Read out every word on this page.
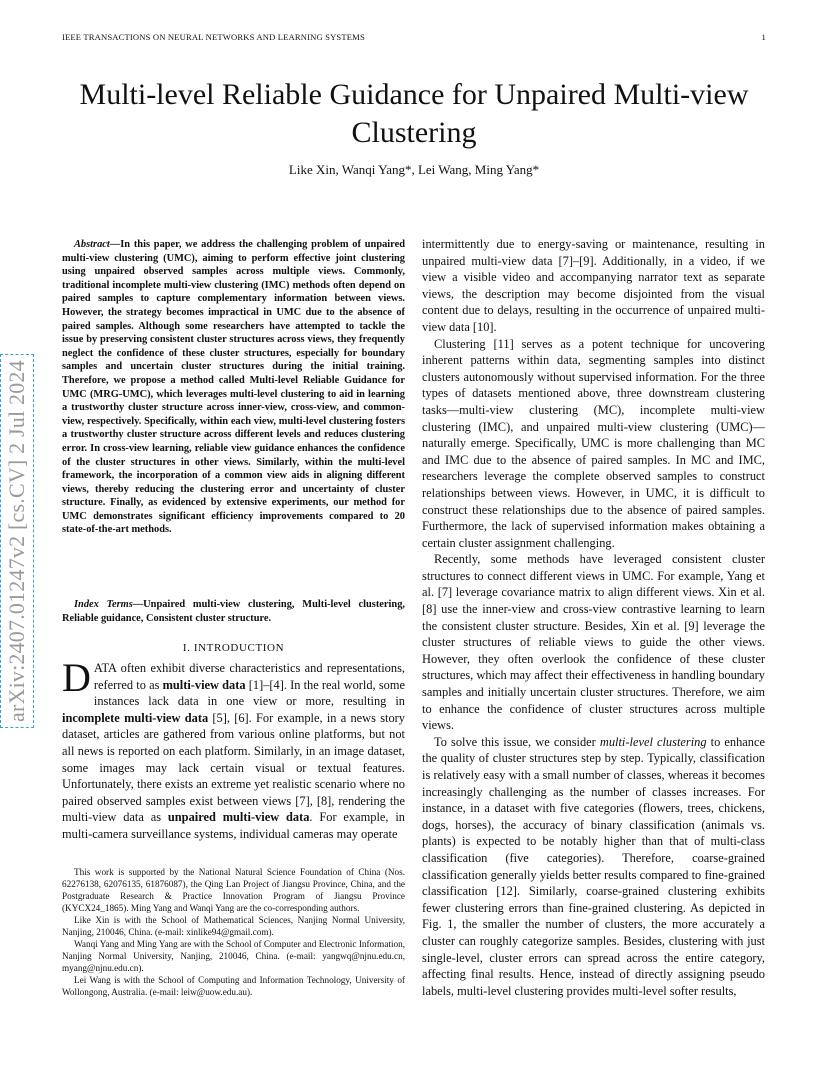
IEEE TRANSACTIONS ON NEURAL NETWORKS AND LEARNING SYSTEMS	1
Multi-level Reliable Guidance for Unpaired Multi-view Clustering
Like Xin, Wanqi Yang*, Lei Wang, Ming Yang*
arXiv:2407.01247v2 [cs.CV] 2 Jul 2024
Abstract—In this paper, we address the challenging problem of unpaired multi-view clustering (UMC), aiming to perform effective joint clustering using unpaired observed samples across multiple views. Commonly, traditional incomplete multi-view clustering (IMC) methods often depend on paired samples to capture complementary information between views. However, the strategy becomes impractical in UMC due to the absence of paired samples. Although some researchers have attempted to tackle the issue by preserving consistent cluster structures across views, they frequently neglect the confidence of these cluster structures, especially for boundary samples and uncertain cluster structures during the initial training. Therefore, we propose a method called Multi-level Reliable Guidance for UMC (MRG-UMC), which leverages multi-level clustering to aid in learning a trustworthy cluster structure across inner-view, cross-view, and common-view, respectively. Specifically, within each view, multi-level clustering fosters a trustworthy cluster structure across different levels and reduces clustering error. In cross-view learning, reliable view guidance enhances the confidence of the cluster structures in other views. Similarly, within the multi-level framework, the incorporation of a common view aids in aligning different views, thereby reducing the clustering error and uncertainty of cluster structure. Finally, as evidenced by extensive experiments, our method for UMC demonstrates significant efficiency improvements compared to 20 state-of-the-art methods.
Index Terms—Unpaired multi-view clustering, Multi-level clustering, Reliable guidance, Consistent cluster structure.
I. INTRODUCTION
DATA often exhibit diverse characteristics and representations, referred to as multi-view data [1]–[4]. In the real world, some instances lack data in one view or more, resulting in incomplete multi-view data [5], [6]. For example, in a news story dataset, articles are gathered from various online platforms, but not all news is reported on each platform. Similarly, in an image dataset, some images may lack certain visual or textual features. Unfortunately, there exists an extreme yet realistic scenario where no paired observed samples exist between views [7], [8], rendering the multi-view data as unpaired multi-view data. For example, in multi-camera surveillance systems, individual cameras may operate

This work is supported by the National Natural Science Foundation of China (Nos. 62276138, 62076135, 61876087), the Qing Lan Project of Jiangsu Province, China, and the Postgraduate Research & Practice Innovation Program of Jiangsu Province (KYCX24_1865). Ming Yang and Wanqi Yang are the co-corresponding authors.

Like Xin is with the School of Mathematical Sciences, Nanjing Normal University, Nanjing, 210046, China. (e-mail: xinlike94@gmail.com).

Wanqi Yang and Ming Yang are with the School of Computer and Electronic Information, Nanjing Normal University, Nanjing, 210046, China. (e-mail: yangwq@njnu.edu.cn, myang@njnu.edu.cn).

Lei Wang is with the School of Computing and Information Technology, University of Wollongong, Australia. (e-mail: leiw@uow.edu.au).

intermittently due to energy-saving or maintenance, resulting in unpaired multi-view data [7]–[9]. Additionally, in a video, if we view a visible video and accompanying narrator text as separate views, the description may become disjointed from the visual content due to delays, resulting in the occurrence of unpaired multi-view data [10].

Clustering [11] serves as a potent technique for uncovering inherent patterns within data, segmenting samples into distinct clusters autonomously without supervised information. For the three types of datasets mentioned above, three downstream clustering tasks—multi-view clustering (MC), incomplete multi-view clustering (IMC), and unpaired multi-view clustering (UMC)—naturally emerge. Specifically, UMC is more challenging than MC and IMC due to the absence of paired samples. In MC and IMC, researchers leverage the complete observed samples to construct relationships between views. However, in UMC, it is difficult to construct these relationships due to the absence of paired samples. Furthermore, the lack of supervised information makes obtaining a certain cluster assignment challenging.

Recently, some methods have leveraged consistent cluster structures to connect different views in UMC. For example, Yang et al. [7] leverage covariance matrix to align different views. Xin et al. [8] use the inner-view and cross-view contrastive learning to learn the consistent cluster structure. Besides, Xin et al. [9] leverage the cluster structures of reliable views to guide the other views. However, they often overlook the confidence of these cluster structures, which may affect their effectiveness in handling boundary samples and initially uncertain cluster structures. Therefore, we aim to enhance the confidence of cluster structures across multiple views.

To solve this issue, we consider multi-level clustering to enhance the quality of cluster structures step by step. Typically, classification is relatively easy with a small number of classes, whereas it becomes increasingly challenging as the number of classes increases. For instance, in a dataset with five categories (flowers, trees, chickens, dogs, horses), the accuracy of binary classification (animals vs. plants) is expected to be notably higher than that of multi-class classification (five categories). Therefore, coarse-grained classification generally yields better results compared to fine-grained classification [12]. Similarly, coarse-grained clustering exhibits fewer clustering errors than fine-grained clustering. As depicted in Fig. 1, the smaller the number of clusters, the more accurately a cluster can roughly categorize samples. Besides, clustering with just single-level, cluster errors can spread across the entire category, affecting final results. Hence, instead of directly assigning pseudo labels, multi-level clustering provides multi-level softer results,
